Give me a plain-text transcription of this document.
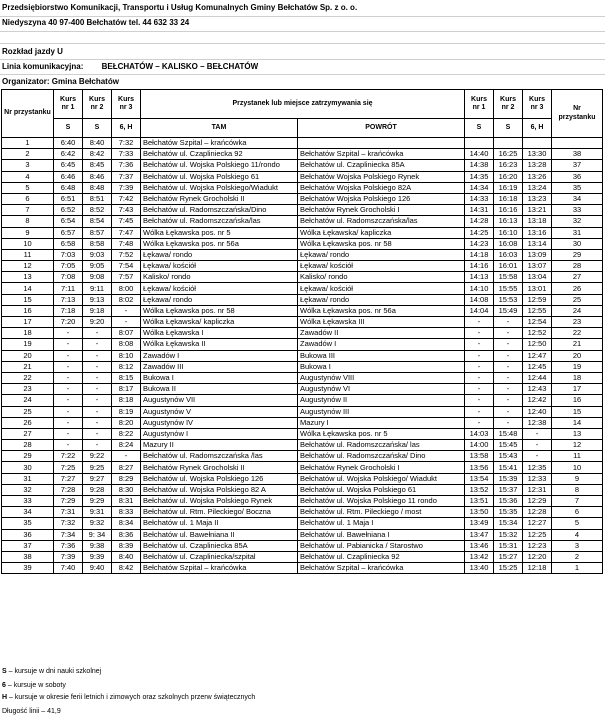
Przedsiębiorstwo Komunikacji, Transportu i Usług Komunalnych Gminy Bełchatów Sp. z o. o.
Niedyszyna 40 97-400 Bełchatów tel. 44 632 33 24
Rozkład jazdy U
Linia komunikacyjna: BEŁCHATÓW – KALISKO – BEŁCHATÓW
Organizator: Gmina Bełchatów
Nr przystanku	Kurs nr 1	Kurs nr 2	Kurs nr 3	Przystanek lub miejsce zatrzymywania się		Kurs nr 1	Kurs nr 2	Kurs nr 3	Nr przystanku
	S	S	6, H	TAM	POWRÓT	S	S	6, H	
1	6:40	8:40	7:32	Bełchatów Szpital – krańcówka					
2	6:42	8:42	7:33	Bełchatów ul. Czapliniecka 92	Bełchatów Szpital – krańcówka	14:40	16:25	13:30	38
3	6:45	8:45	7:36	Bełchatów ul. Wojska Polskiego 11/rondo	Bełchatów ul. Czapliniecka 85A	14:38	16:23	13:28	37
4	6:46	8:46	7:37	Bełchatów ul. Wojska Polskiego 61	Bełchatów Wojska Polskiego Rynek	14:35	16:20	13:26	36
5	6:48	8:48	7:39	Bełchatów ul. Wojska Polskiego/Wiadukt	Bełchatów Wojska Polskiego 82A	14:34	16:19	13:24	35
6	6:51	8:51	7:42	Bełchatów Rynek Grocholski II	Bełchatów Wojska Polskiego 126	14:33	16:18	13:23	34
7	6:52	8:52	7:43	Bełchatów ul. Radomszczańska/Dino	Bełchatów Rynek Grocholski I	14:31	16:16	13:21	33
8	6:54	8:54	7:45	Bełchatów ul. Radomszczańska/las	Bełchatów ul. Radomszczańska/las	14:28	16:13	13:18	32
9	6:57	8:57	7:47	Wólka Łękawska pos. nr 5	Wólka Łękawska/ kapliczka	14:25	16:10	13:16	31
10	6:58	8:58	7:48	Wólka Łękawska pos. nr 56a	Wólka Łękawska pos. nr 58	14:23	16:08	13:14	30
11	7:03	9:03	7:52	Łękawa/ rondo	Łękawa/ rondo	14:18	16:03	13:09	29
12	7:05	9:05	7:54	Łękawa/ kościół	Łękawa/ kościół	14:16	16:01	13:07	28
13	7:08	9:08	7:57	Kalisko/ rondo	Kalisko/ rondo	14:13	15:58	13:04	27
14	7:11	9:11	8:00	Łękawa/ kościół	Łękawa/ kościół	14:10	15:55	13:01	26
15	7:13	9:13	8:02	Łękawa/ rondo	Łękawa/ rondo	14:08	15:53	12:59	25
16	7:18	9:18	-	Wólka Łękawska pos. nr 58	Wólka Łękawska pos. nr 56a	14:04	15:49	12:55	24
17	7:20	9:20	-	Wólka Łękawska/ kapliczka	Wólka Łękawska III	-	-	12:54	23
18	-	-	8:07	Wólka Łękawska I	Zawadów II	-	-	12:52	22
19	-	-	8:08	Wólka Łękawska II	Zawadów I	-	-	12:50	21
20	-	-	8:10	Zawadów I	Bukowa III	-	-	12:47	20
21	-	-	8:12	Zawadów III	Bukowa I	-	-	12:45	19
22	-	-	8:15	Bukowa I	Augustynów VIII	-	-	12:44	18
23	-	-	8:17	Bukowa II	Augustynów VI	-	-	12:43	17
24	-	-	8:18	Augustynów VII	Augustynów II	-	-	12:42	16
25	-	-	8:19	Augustynów V	Augustynów III	-	-	12:40	15
26	-	-	8:20	Augustynów IV	Mazury I	-	-	12:38	14
27	-	-	8:22	Augustynów I	Wólka Łękawska pos. nr 5	14:03	15:48	-	13
28	-	-	8:24	Mazury II	Bełchatów ul. Radomszczańska/ las	14:00	15:45	-	12
29	7:22	9:22	-	Bełchatów ul. Radomszczańska /las	Bełchatów ul. Radomszczańska/ Dino	13:58	15:43	-	11
30	7:25	9:25	8:27	Bełchatów Rynek Grocholski II	Bełchatów Rynek Grocholski I	13:56	15:41	12:35	10
31	7:27	9:27	8:29	Bełchatów ul. Wojska Polskiego 126	Bełchatów ul. Wojska Polskiego/ Wiadukt	13:54	15:39	12:33	9
32	7:28	9:28	8:30	Bełchatów ul. Wojska Polskiego 82 A	Bełchatów ul. Wojska Polskiego 61	13:52	15:37	12:31	8
33	7:29	9:29	8:31	Bełchatów ul. Wojska Polskiego Rynek	Bełchatów ul. Wojska Polskiego 11 rondo	13:51	15:36	12:29	7
34	7:31	9:31	8:33	Bełchatów ul. Rtm. Pileckiego/ Boczna	Bełchatów ul. Rtm. Pileckiego / most	13:50	15:35	12:28	6
35	7:32	9:32	8:34	Bełchatów ul. 1 Maja II	Bełchatów ul. 1 Maja I	13:49	15:34	12:27	5
36	7:34	9: 34	8:36	Bełchatów ul. Bawełniana II	Bełchatów ul. Bawełniana I	13:47	15:32	12:25	4
37	7:36	9:38	8:39	Bełchatów ul. Czapliniecka 85A	Bełchatów ul. Pabianicka / Starostwo	13:46	15:31	12:23	3
38	7:39	9:39	8:40	Bełchatów ul. Czapliniecka/szpital	Bełchatów ul. Czapliniecka 92	13:42	15:27	12:20	2
39	7:40	9:40	8:42	Bełchatów Szpital – krańcówka	Bełchatów Szpital – krańcówka	13:40	15:25	12:18	1
S – kursuje w dni nauki szkolnej
6 – kursuje w soboty
H – kursuje w okresie ferii letnich i zimowych oraz szkolnych przerw świątecznych
Długość linii – 41,9
